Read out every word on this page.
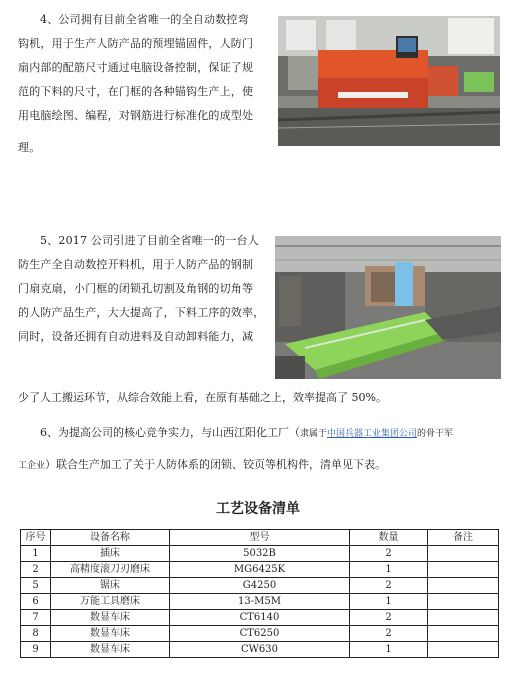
4、公司拥有目前全省唯一的全自动数控弯

钩机，用于生产人防产品的预埋锚固件，人防门

扇内部的配筋尺寸通过电脑设备控制，保证了规

范的下料的尺寸，在门框的各种锚钩生产上，使

用电脑绘图、编程，对钢筋进行标准化的成型处

理。

5、2017 公司引进了目前全省唯一的一台人

防生产全自动数控开料机，用于人防产品的钢制

门扇克扇，小门框的闭锁孔切割及角钢的切角等

的人防产品生产，大大提高了，下料工序的效率，

同时，设备还拥有自动进料及自动卸料能力，减

少了人工搬运环节，从综合效能上看，在原有基础之上，效率提高了 50%。
6、为提高公司的核心竞争实力，与山西江阳化工厂（隶属于中国兵器工业集团公司的骨干军
工企业）联合生产加工了关于人防体系的闭锁、铰页等机构件，清单见下表。
工艺设备清单
序号	设备名称	型号	数量	备注
1	插床	5032B	2	
2	高精度滚刀刃磨床	MG6425K	1	
5	锯床	G4250	2	
6	万能工具磨床	13-M5M	1	
7	数显车床	CT6140	2	
8	数显车床	CT6250	2	
9	数显车床	CW630	1	
